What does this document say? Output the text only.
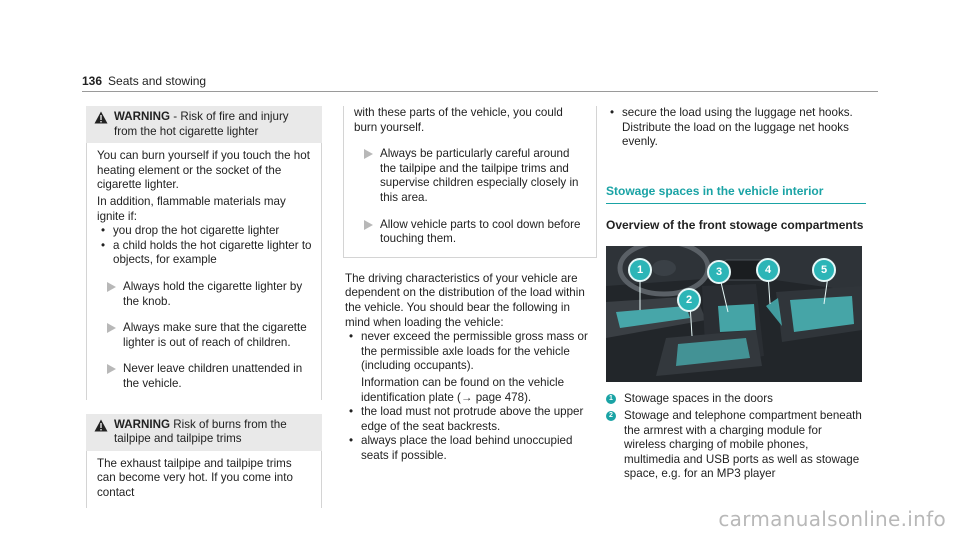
136 Seats and stowing
WARNING - Risk of fire and injury from the hot cigarette lighter

You can burn yourself if you touch the hot heating element or the socket of the cigarette lighter.

In addition, flammable materials may ignite if:

• you drop the hot cigarette lighter
• a child holds the hot cigarette lighter to objects, for example
Always hold the cigarette lighter by the knob.
Always make sure that the cigarette lighter is out of reach of children.
Never leave children unattended in the vehicle.
WARNING Risk of burns from the tailpipe and tailpipe trims

The exhaust tailpipe and tailpipe trims can become very hot. If you come into contact

with these parts of the vehicle, you could burn yourself.

Always be particularly careful around the tailpipe and the tailpipe trims and supervise children especially closely in this area.
Allow vehicle parts to cool down before touching them.

The driving characteristics of your vehicle are dependent on the distribution of the load within the vehicle. You should bear the following in mind when loading the vehicle:

• never exceed the permissible gross mass or the permissible axle loads for the vehicle (including occupants).

Information can be found on the vehicle identification plate (→ page 478).

• the load must not protrude above the upper edge of the seat backrests.
• always place the load behind unoccupied seats if possible.
• secure the load using the luggage net hooks. Distribute the load on the luggage net hooks evenly.
Stowage spaces in the vehicle interior
Overview of the front stowage compartments
1
2
3	4	5
1 Stowage spaces in the doors
2 Stowage and telephone compartment beneath the armrest with a charging module for wireless charging of mobile phones, multimedia and USB ports as well as stowage space, e.g. for an MP3 player
carmanualsonline.info
